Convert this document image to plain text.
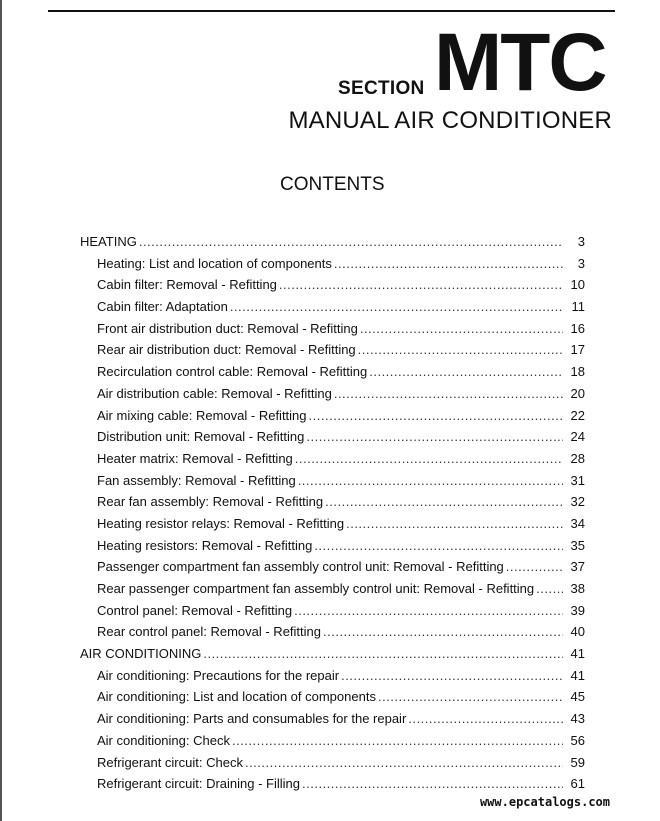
SECTION MTC
MANUAL AIR CONDITIONER
CONTENTS
HEATING .....	3
Heating: List and location of components .....	3
Cabin filter: Removal - Refitting .....	10
Cabin filter: Adaptation .....	11
Front air distribution duct: Removal - Refitting .....	16
Rear air distribution duct: Removal - Refitting .....	17
Recirculation control cable: Removal - Refitting .....	18
Air distribution cable: Removal - Refitting .....	20
Air mixing cable: Removal - Refitting .....	22
Distribution unit: Removal - Refitting .....	24
Heater matrix: Removal - Refitting .....	28
Fan assembly: Removal - Refitting .....	31
Rear fan assembly: Removal - Refitting .....	32
Heating resistor relays: Removal - Refitting .....	34
Heating resistors: Removal - Refitting .....	35
Passenger compartment fan assembly control unit: Removal - Refitting .....	37
Rear passenger compartment fan assembly control unit: Removal - Refitting .....	38
Control panel: Removal - Refitting .....	39
Rear control panel: Removal - Refitting .....	40
AIR CONDITIONING .....	41
Air conditioning: Precautions for the repair .....	41
Air conditioning: List and location of components .....	45
Air conditioning: Parts and consumables for the repair .....	43
Air conditioning: Check .....	56
Refrigerant circuit: Check .....	59
Refrigerant circuit: Draining - Filling .....	61
www.epcatalogs.com
